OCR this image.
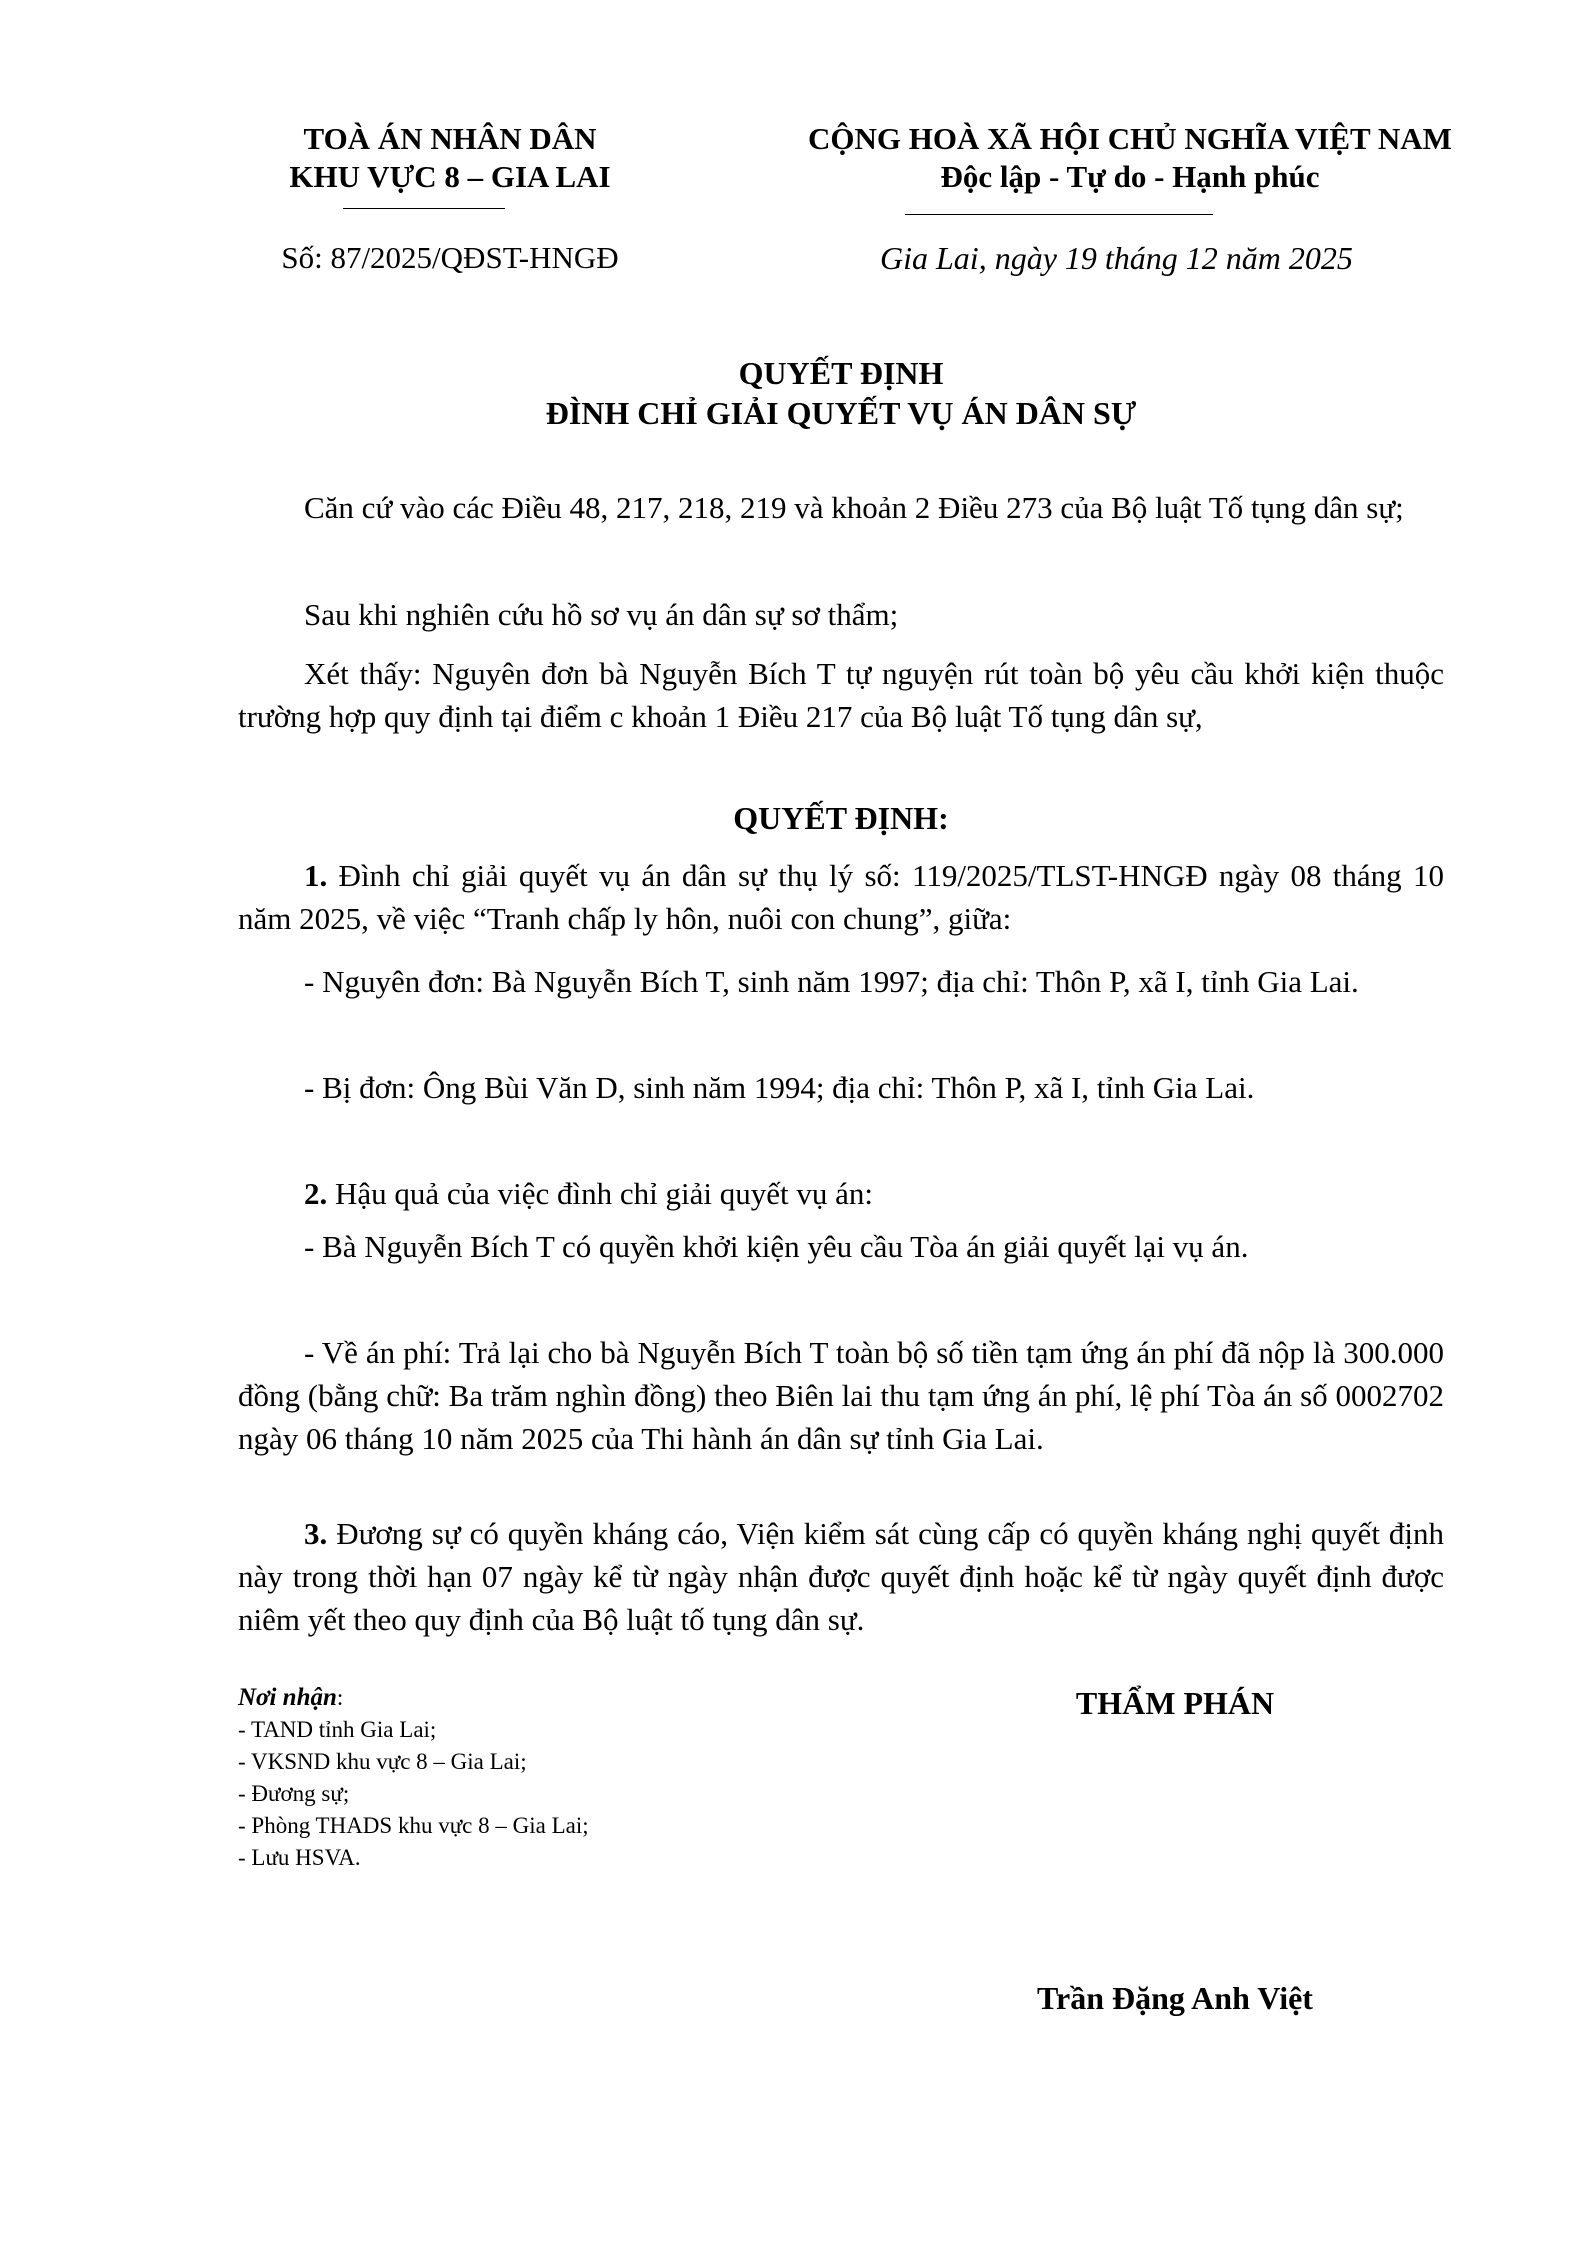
TOÀ ÁN NHÂN DÂN
KHU VỰC 8 – GIA LAI
CỘNG HOÀ XÃ HỘI CHỦ NGHĨA VIỆT NAM
Độc lập - Tự do - Hạnh phúc
Số: 87/2025/QĐST-HNGĐ	Gia Lai, ngày 19 tháng 12 năm 2025
QUYẾT ĐỊNH
ĐÌNH CHỈ GIẢI QUYẾT VỤ ÁN DÂN SỰ

Căn cứ vào các Điều 48, 217, 218, 219 và khoản 2 Điều 273 của Bộ luật Tố tụng dân sự;

Sau khi nghiên cứu hồ sơ vụ án dân sự sơ thẩm;

Xét thấy: Nguyên đơn bà Nguyễn Bích T tự nguyện rút toàn bộ yêu cầu khởi kiện thuộc trường hợp quy định tại điểm c khoản 1 Điều 217 của Bộ luật Tố tụng dân sự,

QUYẾT ĐỊNH:

1. Đình chỉ giải quyết vụ án dân sự thụ lý số: 119/2025/TLST-HNGĐ ngày 08 tháng 10 năm 2025, về việc “Tranh chấp ly hôn, nuôi con chung”, giữa:

- Nguyên đơn: Bà Nguyễn Bích T, sinh năm 1997; địa chỉ: Thôn P, xã I, tỉnh Gia Lai.

- Bị đơn: Ông Bùi Văn D, sinh năm 1994; địa chỉ: Thôn P, xã I, tỉnh Gia Lai.

2. Hậu quả của việc đình chỉ giải quyết vụ án:

- Bà Nguyễn Bích T có quyền khởi kiện yêu cầu Tòa án giải quyết lại vụ án.

- Về án phí: Trả lại cho bà Nguyễn Bích T toàn bộ số tiền tạm ứng án phí đã nộp là 300.000 đồng (bằng chữ: Ba trăm nghìn đồng) theo Biên lai thu tạm ứng án phí, lệ phí Tòa án số 0002702 ngày 06 tháng 10 năm 2025 của Thi hành án dân sự tỉnh Gia Lai.

3. Đương sự có quyền kháng cáo, Viện kiểm sát cùng cấp có quyền kháng nghị quyết định này trong thời hạn 07 ngày kể từ ngày nhận được quyết định hoặc kể từ ngày quyết định được niêm yết theo quy định của Bộ luật tố tụng dân sự.

Nơi nhận:
- TAND tỉnh Gia Lai;
- VKSND khu vực 8 – Gia Lai;
- Đương sự;
- Phòng THADS khu vực 8 – Gia Lai;
- Lưu HSVA.
THẨM PHÁN
Trần Đặng Anh Việt
